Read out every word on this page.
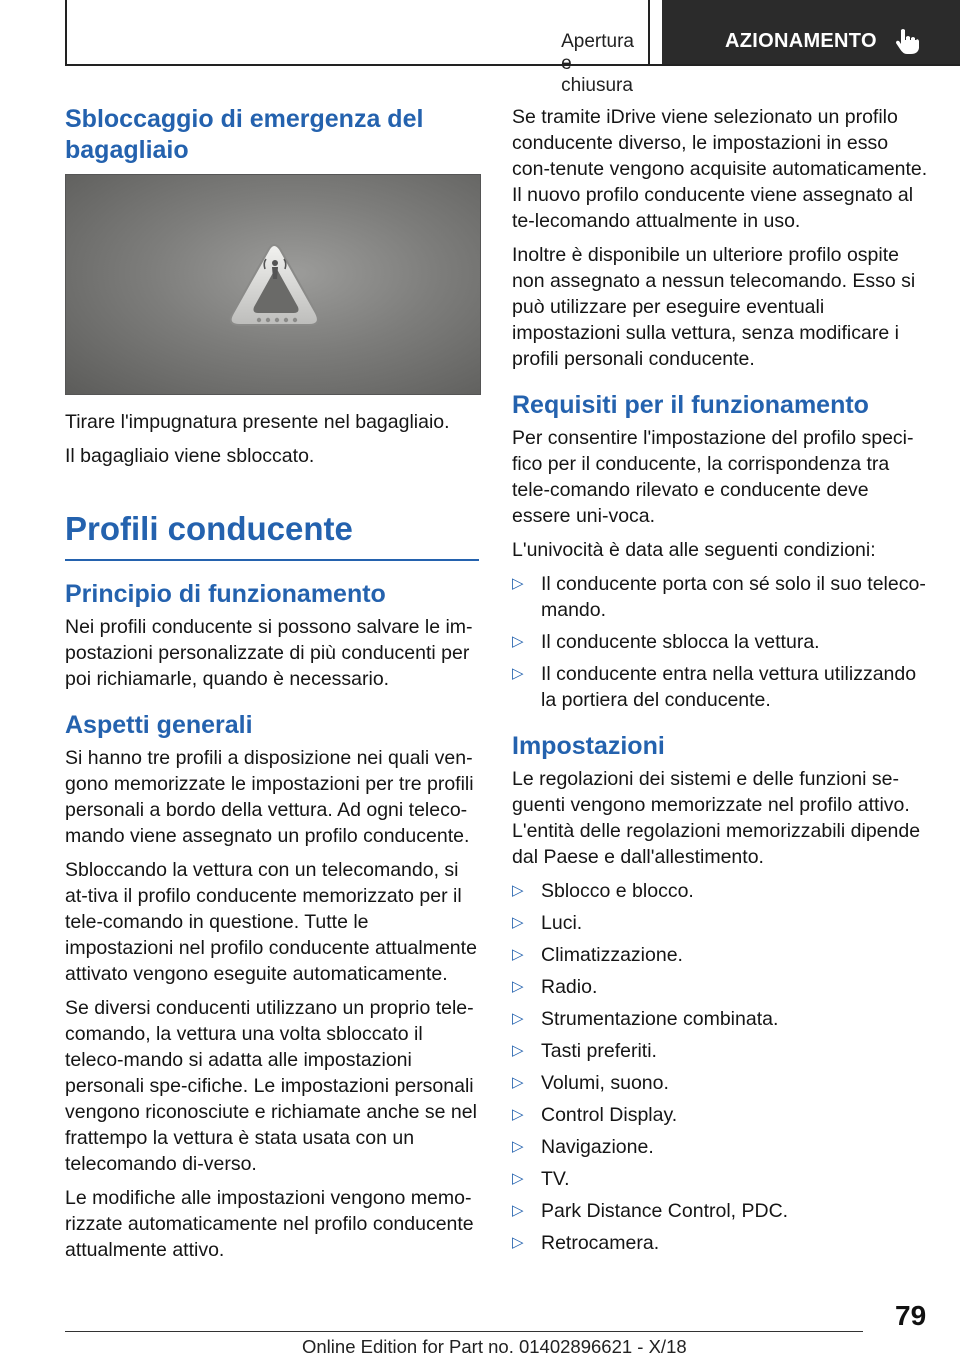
Apertura e chiusura
AZIONAMENTO
Sbloccaggio di emergenza del bagagliaio

Tirare l'impugnatura presente nel bagagliaio.

Il bagagliaio viene sbloccato.

Profili conducente
Principio di funzionamento

Nei profili conducente si possono salvare le im-postazioni personalizzate di più conducenti per poi richiamarle, quando è necessario.

Aspetti generali

Si hanno tre profili a disposizione nei quali ven-gono memorizzate le impostazioni per tre profili personali a bordo della vettura. Ad ogni teleco-mando viene assegnato un profilo conducente.

Sbloccando la vettura con un telecomando, si at-tiva il profilo conducente memorizzato per il tele-comando in questione. Tutte le impostazioni nel profilo conducente attualmente attivato vengono eseguite automaticamente.

Se diversi conducenti utilizzano un proprio tele-comando, la vettura una volta sbloccato il teleco-mando si adatta alle impostazioni personali spe-cifiche. Le impostazioni personali vengono riconosciute e richiamate anche se nel frattempo la vettura è stata usata con un telecomando di-verso.

Le modifiche alle impostazioni vengono memo-rizzate automaticamente nel profilo conducente attualmente attivo.

Se tramite iDrive viene selezionato un profilo conducente diverso, le impostazioni in esso con-tenute vengono acquisite automaticamente. Il nuovo profilo conducente viene assegnato al te-lecomando attualmente in uso.

Inoltre è disponibile un ulteriore profilo ospite non assegnato a nessun telecomando. Esso si può utilizzare per eseguire eventuali impostazioni sulla vettura, senza modificare i profili personali conducente.

Requisiti per il funzionamento

Per consentire l'impostazione del profilo speci-fico per il conducente, la corrispondenza tra tele-comando rilevato e conducente deve essere uni-voca.

L'univocità è data alle seguenti condizioni:

▷ Il conducente porta con sé solo il suo teleco-mando.
▷ Il conducente sblocca la vettura.
▷ Il conducente entra nella vettura utilizzando la portiera del conducente.
Impostazioni

Le regolazioni dei sistemi e delle funzioni se-guenti vengono memorizzate nel profilo attivo. L'entità delle regolazioni memorizzabili dipende dal Paese e dall'allestimento.

▷ Sblocco e blocco.
▷ Luci.
▷ Climatizzazione.
▷ Radio.
▷ Strumentazione combinata.
▷ Tasti preferiti.
▷ Volumi, suono.
▷ Control Display.
▷ Navigazione.
▷ TV.
▷ Park Distance Control, PDC.
▷ Retrocamera.
79
Online Edition for Part no. 01402896621 - X/18
